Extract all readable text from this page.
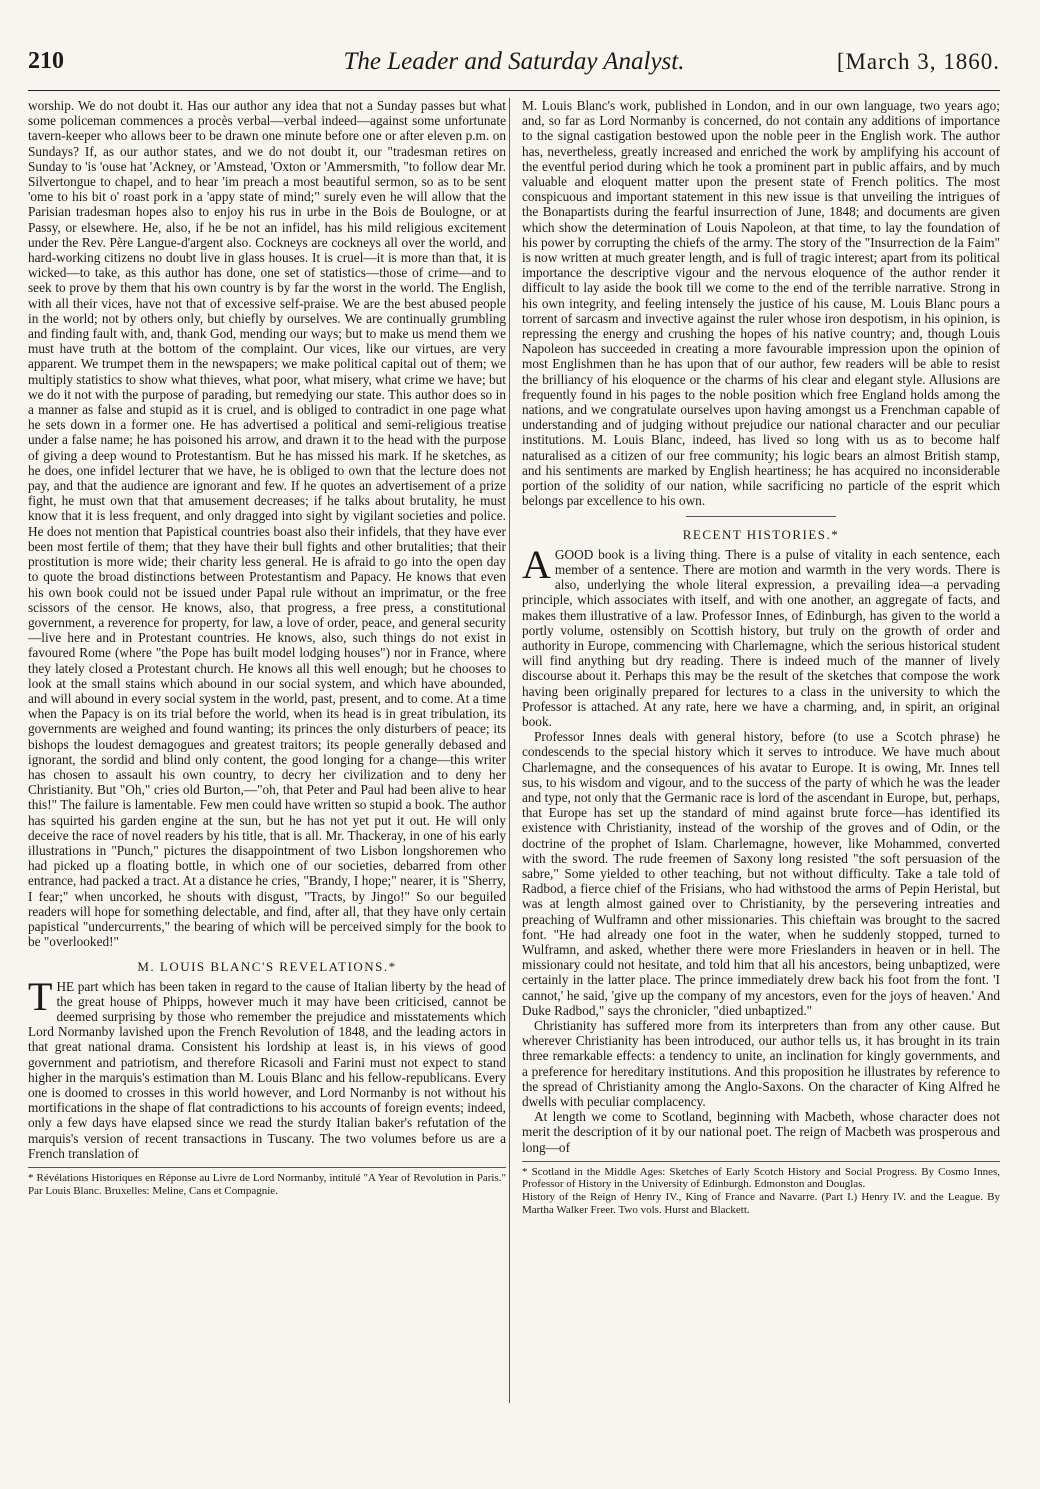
210	The Leader and Saturday Analyst.	[March 3, 1860.

worship. We do not doubt it. Has our author any idea that not a Sunday passes but what some policeman commences a procès verbal—verbal indeed—against some unfortunate tavern-keeper who allows beer to be drawn one minute before one or after eleven p.m. on Sundays? If, as our author states, and we do not doubt it, our "tradesman retires on Sunday to 'is 'ouse hat 'Ackney, or 'Amstead, 'Oxton or 'Ammersmith, "to follow dear Mr. Silvertongue to chapel, and to hear 'im preach a most beautiful sermon, so as to be sent 'ome to his bit o' roast pork in a 'appy state of mind;" surely even he will allow that the Parisian tradesman hopes also to enjoy his rus in urbe in the Bois de Boulogne, or at Passy, or elsewhere. He, also, if he be not an infidel, has his mild religious excitement under the Rev. Père Langue-d'argent also. Cockneys are cockneys all over the world, and hard-working citizens no doubt live in glass houses. It is cruel—it is more than that, it is wicked—to take, as this author has done, one set of statistics—those of crime—and to seek to prove by them that his own country is by far the worst in the world. The English, with all their vices, have not that of excessive self-praise. We are the best abused people in the world; not by others only, but chiefly by ourselves. We are continually grumbling and finding fault with, and, thank God, mending our ways; but to make us mend them we must have truth at the bottom of the complaint. Our vices, like our virtues, are very apparent. We trumpet them in the newspapers; we make political capital out of them; we multiply statistics to show what thieves, what poor, what misery, what crime we have; but we do it not with the purpose of parading, but remedying our state. This author does so in a manner as false and stupid as it is cruel, and is obliged to contradict in one page what he sets down in a former one. He has advertised a political and semi-religious treatise under a false name; he has poisoned his arrow, and drawn it to the head with the purpose of giving a deep wound to Protestantism. But he has missed his mark. If he sketches, as he does, one infidel lecturer that we have, he is obliged to own that the lecture does not pay, and that the audience are ignorant and few. If he quotes an advertisement of a prize fight, he must own that that amusement decreases; if he talks about brutality, he must know that it is less frequent, and only dragged into sight by vigilant societies and police. He does not mention that Papistical countries boast also their infidels, that they have ever been most fertile of them; that they have their bull fights and other brutalities; that their prostitution is more wide; their charity less general. He is afraid to go into the open day to quote the broad distinctions between Protestantism and Papacy. He knows that even his own book could not be issued under Papal rule without an imprimatur, or the free scissors of the censor. He knows, also, that progress, a free press, a constitutional government, a reverence for property, for law, a love of order, peace, and general security—live here and in Protestant countries. He knows, also, such things do not exist in favoured Rome (where "the Pope has built model lodging houses") nor in France, where they lately closed a Protestant church. He knows all this well enough; but he chooses to look at the small stains which abound in our social system, and which have abounded, and will abound in every social system in the world, past, present, and to come. At a time when the Papacy is on its trial before the world, when its head is in great tribulation, its governments are weighed and found wanting; its princes the only disturbers of peace; its bishops the loudest demagogues and greatest traitors; its people generally debased and ignorant, the sordid and blind only content, the good longing for a change—this writer has chosen to assault his own country, to decry her civilization and to deny her Christianity. But "Oh," cries old Burton,—"oh, that Peter and Paul had been alive to hear this!" The failure is lamentable. Few men could have written so stupid a book. The author has squirted his garden engine at the sun, but he has not yet put it out. He will only deceive the race of novel readers by his title, that is all. Mr. Thackeray, in one of his early illustrations in "Punch," pictures the disappointment of two Lisbon longshoremen who had picked up a floating bottle, in which one of our societies, debarred from other entrance, had packed a tract. At a distance he cries, "Brandy, I hope;" nearer, it is "Sherry, I fear;" when uncorked, he shouts with disgust, "Tracts, by Jingo!" So our beguiled readers will hope for something delectable, and find, after all, that they have only certain papistical "undercurrents," the bearing of which will be perceived simply for the book to be "overlooked!"

M. LOUIS BLANC'S REVELATIONS.*

THE part which has been taken in regard to the cause of Italian liberty by the head of the great house of Phipps, however much it may have been criticised, cannot be deemed surprising by those who remember the prejudice and misstatements which Lord Normanby lavished upon the French Revolution of 1848, and the leading actors in that great national drama. Consistent his lordship at least is, in his views of good government and patriotism, and therefore Ricasoli and Farini must not expect to stand higher in the marquis's estimation than M. Louis Blanc and his fellow-republicans. Every one is doomed to crosses in this world however, and Lord Normanby is not without his mortifications in the shape of flat contradictions to his accounts of foreign events; indeed, only a few days have elapsed since we read the sturdy Italian baker's refutation of the marquis's version of recent transactions in Tuscany. The two volumes before us are a French translation of

* Révélations Historiques en Réponse au Livre de Lord Normanby, intitulé "A Year of Revolution in Paris." Par Louis Blanc. Bruxelles: Meline, Cans et Compagnie.

M. Louis Blanc's work, published in London, and in our own language, two years ago; and, so far as Lord Normanby is concerned, do not contain any additions of importance to the signal castigation bestowed upon the noble peer in the English work. The author has, nevertheless, greatly increased and enriched the work by amplifying his account of the eventful period during which he took a prominent part in public affairs, and by much valuable and eloquent matter upon the present state of French politics. The most conspicuous and important statement in this new issue is that unveiling the intrigues of the Bonapartists during the fearful insurrection of June, 1848; and documents are given which show the determination of Louis Napoleon, at that time, to lay the foundation of his power by corrupting the chiefs of the army. The story of the "Insurrection de la Faim" is now written at much greater length, and is full of tragic interest; apart from its political importance the descriptive vigour and the nervous eloquence of the author render it difficult to lay aside the book till we come to the end of the terrible narrative. Strong in his own integrity, and feeling intensely the justice of his cause, M. Louis Blanc pours a torrent of sarcasm and invective against the ruler whose iron despotism, in his opinion, is repressing the energy and crushing the hopes of his native country; and, though Louis Napoleon has succeeded in creating a more favourable impression upon the opinion of most Englishmen than he has upon that of our author, few readers will be able to resist the brilliancy of his eloquence or the charms of his clear and elegant style. Allusions are frequently found in his pages to the noble position which free England holds among the nations, and we congratulate ourselves upon having amongst us a Frenchman capable of understanding and of judging without prejudice our national character and our peculiar institutions. M. Louis Blanc, indeed, has lived so long with us as to become half naturalised as a citizen of our free community; his logic bears an almost British stamp, and his sentiments are marked by English heartiness; he has acquired no inconsiderable portion of the solidity of our nation, while sacrificing no particle of the esprit which belongs par excellence to his own.

RECENT HISTORIES.*

AGOOD book is a living thing. There is a pulse of vitality in each sentence, each member of a sentence. There are motion and warmth in the very words. There is also, underlying the whole literal expression, a prevailing idea—a pervading principle, which associates with itself, and with one another, an aggregate of facts, and makes them illustrative of a law. Professor Innes, of Edinburgh, has given to the world a portly volume, ostensibly on Scottish history, but truly on the growth of order and authority in Europe, commencing with Charlemagne, which the serious historical student will find anything but dry reading. There is indeed much of the manner of lively discourse about it. Perhaps this may be the result of the sketches that compose the work having been originally prepared for lectures to a class in the university to which the Professor is attached. At any rate, here we have a charming, and, in spirit, an original book.

Professor Innes deals with general history, before (to use a Scotch phrase) he condescends to the special history which it serves to introduce. We have much about Charlemagne, and the consequences of his avatar to Europe. It is owing, Mr. Innes tell sus, to his wisdom and vigour, and to the success of the party of which he was the leader and type, not only that the Germanic race is lord of the ascendant in Europe, but, perhaps, that Europe has set up the standard of mind against brute force—has identified its existence with Christianity, instead of the worship of the groves and of Odin, or the doctrine of the prophet of Islam. Charlemagne, however, like Mohammed, converted with the sword. The rude freemen of Saxony long resisted "the soft persuasion of the sabre," Some yielded to other teaching, but not without difficulty. Take a tale told of Radbod, a fierce chief of the Frisians, who had withstood the arms of Pepin Heristal, but was at length almost gained over to Christianity, by the persevering intreaties and preaching of Wulframn and other missionaries. This chieftain was brought to the sacred font. "He had already one foot in the water, when he suddenly stopped, turned to Wulframn, and asked, whether there were more Frieslanders in heaven or in hell. The missionary could not hesitate, and told him that all his ancestors, being unbaptized, were certainly in the latter place. The prince immediately drew back his foot from the font. 'I cannot,' he said, 'give up the company of my ancestors, even for the joys of heaven.' And Duke Radbod," says the chronicler, "died unbaptized."

Christianity has suffered more from its interpreters than from any other cause. But wherever Christianity has been introduced, our author tells us, it has brought in its train three remarkable effects: a tendency to unite, an inclination for kingly governments, and a preference for hereditary institutions. And this proposition he illustrates by reference to the spread of Christianity among the Anglo-Saxons. On the character of King Alfred he dwells with peculiar complacency.

At length we come to Scotland, beginning with Macbeth, whose character does not merit the description of it by our national poet. The reign of Macbeth was prosperous and long—of

* Scotland in the Middle Ages: Sketches of Early Scotch History and Social Progress. By Cosmo Innes, Professor of History in the University of Edinburgh. Edmonston and Douglas.
History of the Reign of Henry IV., King of France and Navarre. (Part I.) Henry IV. and the League. By Martha Walker Freer. Two vols. Hurst and Blackett.
